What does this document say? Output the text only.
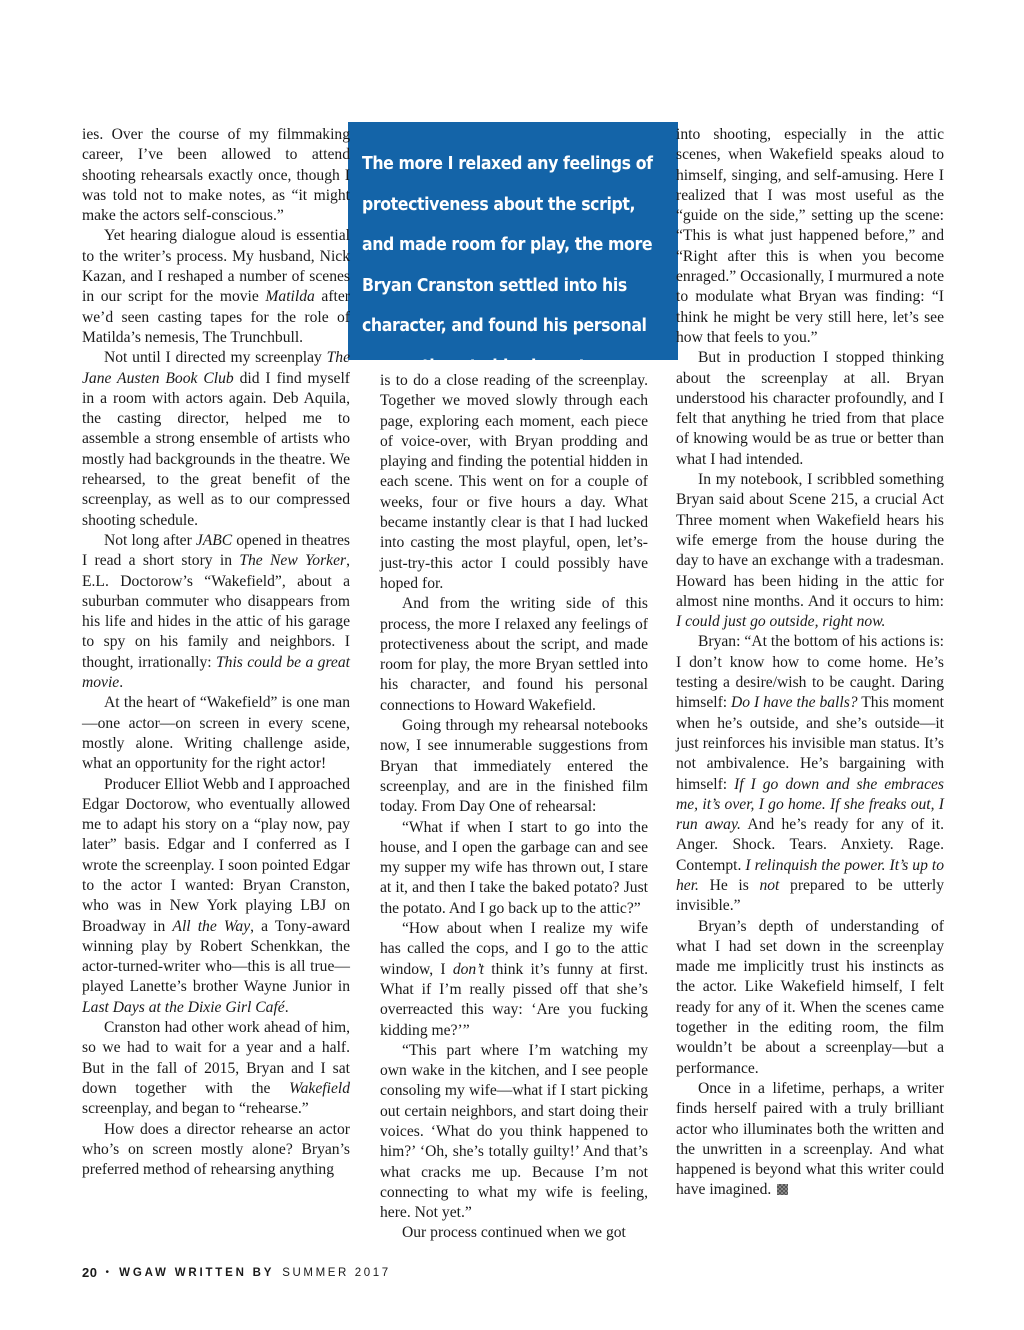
The more I relaxed any feelings of protectiveness about the script, and made room for play, the more Bryan Cranston settled into his character, and found his personal connections to his character.

ies. Over the course of my filmmaking career, I’ve been allowed to attend shooting rehearsals exactly once, though I was told not to make notes, as “it might make the actors self-conscious.”

Yet hearing dialogue aloud is essential to the writer’s process. My husband, Nick Kazan, and I reshaped a number of scenes in our script for the movie Matilda after we’d seen casting tapes for the role of Matilda’s nemesis, The Trunchbull.

Not until I directed my screenplay The Jane Austen Book Club did I find myself in a room with actors again. Deb Aquila, the casting director, helped me to assemble a strong ensemble of artists who mostly had backgrounds in the theatre. We rehearsed, to the great benefit of the screenplay, as well as to our compressed shooting schedule.

Not long after JABC opened in theatres I read a short story in The New Yorker, E.L. Doctorow’s “Wakefield”, about a suburban commuter who disappears from his life and hides in the attic of his garage to spy on his family and neighbors. I thought, irrationally: This could be a great movie.

At the heart of “Wakefield” is one man—one actor—on screen in every scene, mostly alone. Writing challenge aside, what an opportunity for the right actor!

Producer Elliot Webb and I approached Edgar Doctorow, who eventually allowed me to adapt his story on a “play now, pay later” basis. Edgar and I conferred as I wrote the screenplay. I soon pointed Edgar to the actor I wanted: Bryan Cranston, who was in New York playing LBJ on Broadway in All the Way, a Tony-award winning play by Robert Schenkkan, the actor-turned-writer who—this is all true—played Lanette’s brother Wayne Junior in Last Days at the Dixie Girl Café.

Cranston had other work ahead of him, so we had to wait for a year and a half. But in the fall of 2015, Bryan and I sat down together with the Wakefield screenplay, and began to “rehearse.”

How does a director rehearse an actor who’s on screen mostly alone? Bryan’s preferred method of rehearsing anything

is to do a close reading of the screenplay. Together we moved slowly through each page, exploring each moment, each piece of voice-over, with Bryan prodding and playing and finding the potential hidden in each scene. This went on for a couple of weeks, four or five hours a day. What became instantly clear is that I had lucked into casting the most playful, open, let’s-just-try-this actor I could possibly have hoped for.

And from the writing side of this process, the more I relaxed any feelings of protectiveness about the script, and made room for play, the more Bryan settled into his character, and found his personal connections to Howard Wakefield.

Going through my rehearsal notebooks now, I see innumerable suggestions from Bryan that immediately entered the screenplay, and are in the finished film today. From Day One of rehearsal:

“What if when I start to go into the house, and I open the garbage can and see my supper my wife has thrown out, I stare at it, and then I take the baked potato? Just the potato. And I go back up to the attic?”

“How about when I realize my wife has called the cops, and I go to the attic window, I don’t think it’s funny at first. What if I’m really pissed off that she’s overreacted this way: ‘Are you fucking kidding me?’”

“This part where I’m watching my own wake in the kitchen, and I see people consoling my wife—what if I start picking out certain neighbors, and start doing their voices. ‘What do you think happened to him?’ ‘Oh, she’s totally guilty!’ And that’s what cracks me up. Because I’m not connecting to what my wife is feeling, here. Not yet.”

Our process continued when we got

into shooting, especially in the attic scenes, when Wakefield speaks aloud to himself, singing, and self-amusing. Here I realized that I was most useful as the “guide on the side,” setting up the scene: “This is what just happened before,” and “Right after this is when you become enraged.” Occasionally, I murmured a note to modulate what Bryan was finding: “I think he might be very still here, let’s see how that feels to you.”

But in production I stopped thinking about the screenplay at all. Bryan understood his character profoundly, and I felt that anything he tried from that place of knowing would be as true or better than what I had intended.

In my notebook, I scribbled something Bryan said about Scene 215, a crucial Act Three moment when Wakefield hears his wife emerge from the house during the day to have an exchange with a tradesman. Howard has been hiding in the attic for almost nine months. And it occurs to him: I could just go outside, right now.

Bryan: “At the bottom of his actions is: I don’t know how to come home. He’s testing a desire/wish to be caught. Daring himself: Do I have the balls? This moment when he’s outside, and she’s outside—it just reinforces his invisible man status. It’s not ambivalence. He’s bargaining with himself: If I go down and she embraces me, it’s over, I go home. If she freaks out, I run away. And he’s ready for any of it. Anger. Shock. Tears. Anxiety. Rage. Contempt. I relinquish the power. It’s up to her. He is not prepared to be utterly invisible.”

Bryan’s depth of understanding of what I had set down in the screenplay made me implicitly trust his instincts as the actor. Like Wakefield himself, I felt ready for any of it. When the scenes came together in the editing room, the film wouldn’t be about a screenplay—but a performance.

Once in a lifetime, perhaps, a writer finds herself paired with a truly brilliant actor who illuminates both the written and the unwritten in a screenplay. And what happened is beyond what this writer could have imagined.

20 • WGAW WRITTEN BY SUMMER 2017
